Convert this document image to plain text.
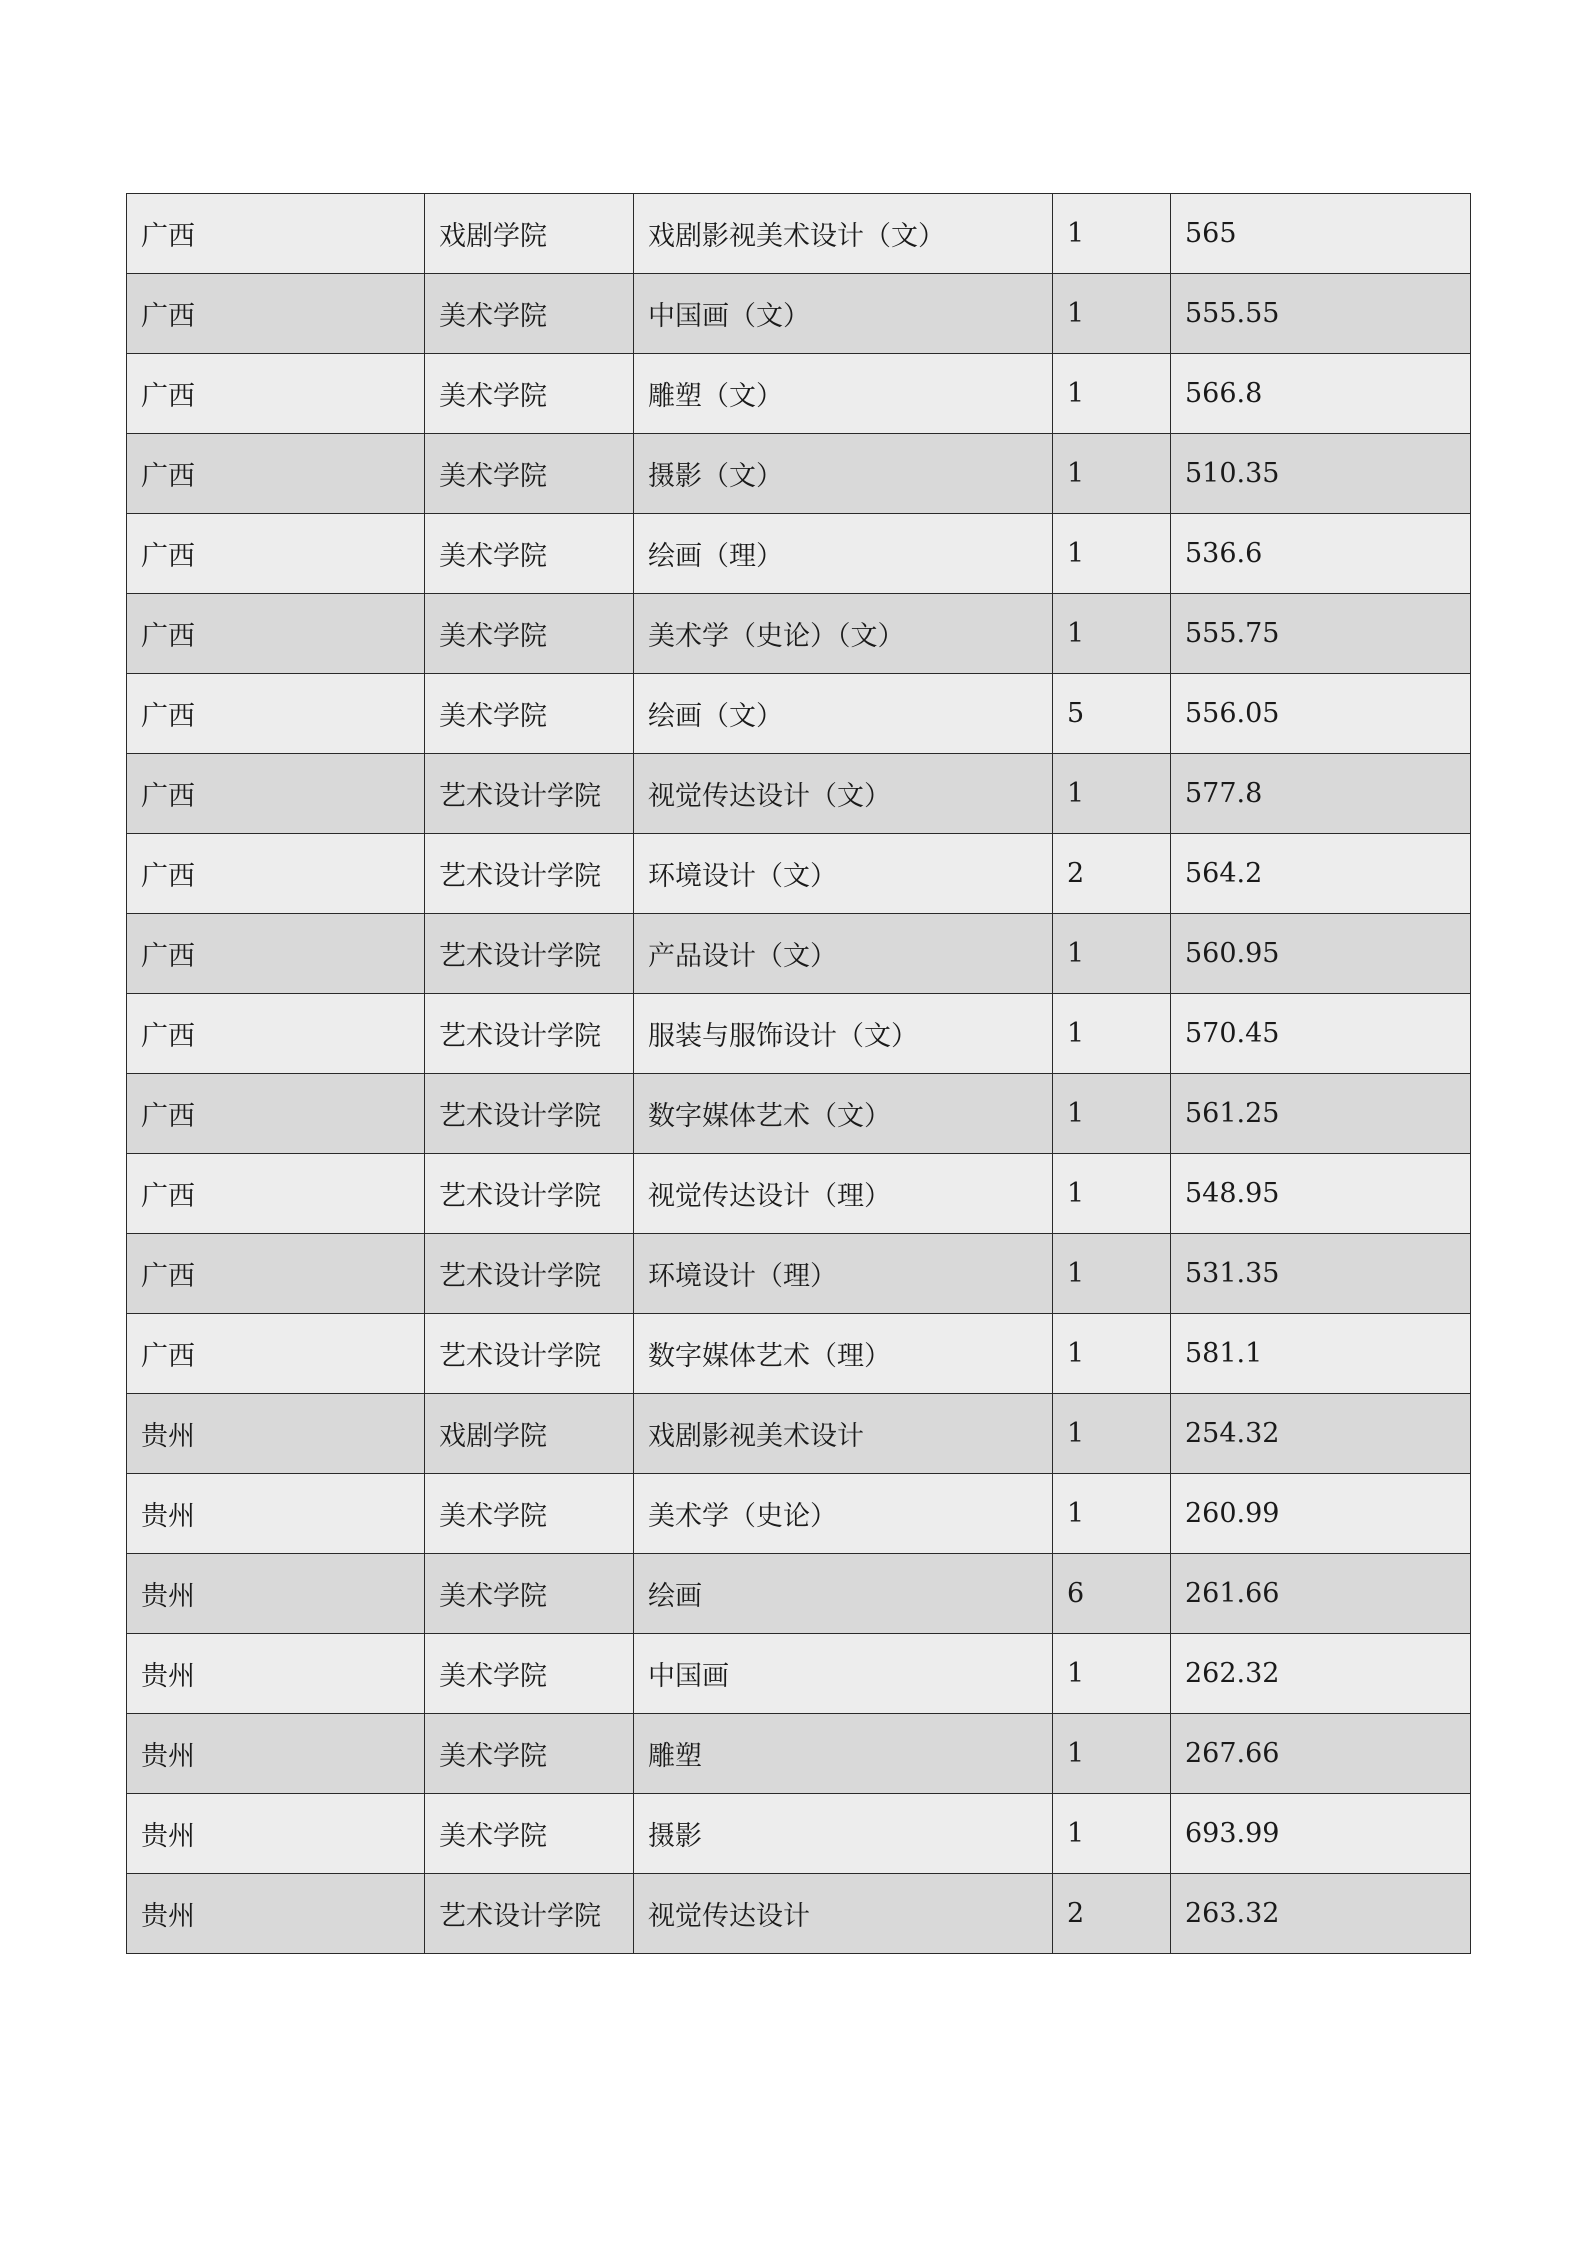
广西	戏剧学院	戏剧影视美术设计（文）	1	565
广西	美术学院	中国画（文）	1	555.55
广西	美术学院	雕塑（文）	1	566.8
广西	美术学院	摄影（文）	1	510.35
广西	美术学院	绘画（理）	1	536.6
广西	美术学院	美术学（史论）（文）	1	555.75
广西	美术学院	绘画（文）	5	556.05
广西	艺术设计学院	视觉传达设计（文）	1	577.8
广西	艺术设计学院	环境设计（文）	2	564.2
广西	艺术设计学院	产品设计（文）	1	560.95
广西	艺术设计学院	服装与服饰设计（文）	1	570.45
广西	艺术设计学院	数字媒体艺术（文）	1	561.25
广西	艺术设计学院	视觉传达设计（理）	1	548.95
广西	艺术设计学院	环境设计（理）	1	531.35
广西	艺术设计学院	数字媒体艺术（理）	1	581.1
贵州	戏剧学院	戏剧影视美术设计	1	254.32
贵州	美术学院	美术学（史论）	1	260.99
贵州	美术学院	绘画	6	261.66
贵州	美术学院	中国画	1	262.32
贵州	美术学院	雕塑	1	267.66
贵州	美术学院	摄影	1	693.99
贵州	艺术设计学院	视觉传达设计	2	263.32
